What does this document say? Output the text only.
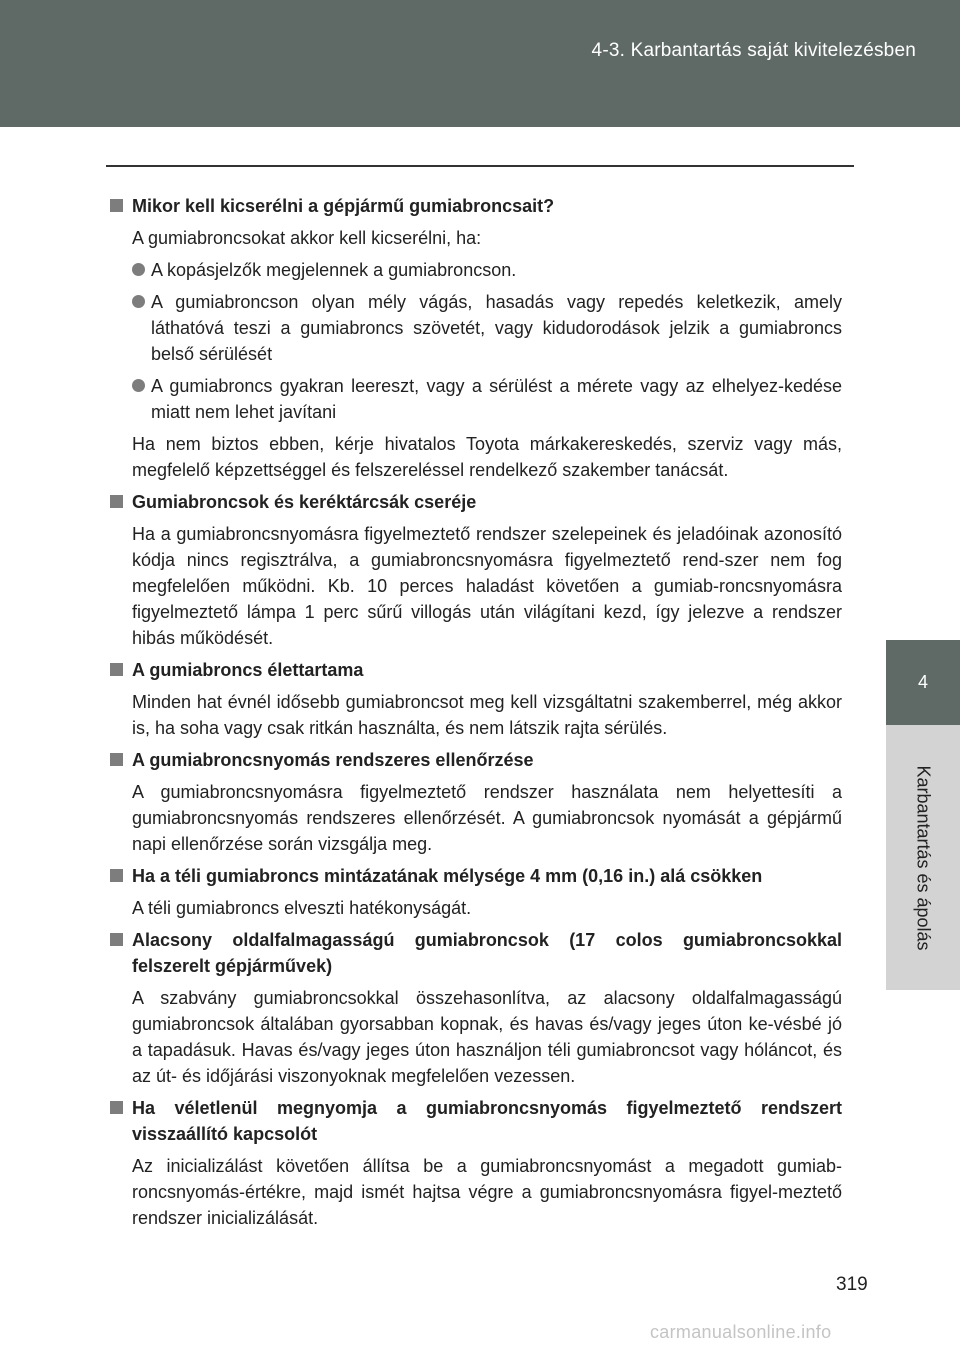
4-3. Karbantartás saját kivitelezésben
4
Karbantartás és ápolás
Mikor kell kicserélni a gépjármű gumiabroncsait?
A gumiabroncsokat akkor kell kicserélni, ha:
A kopásjelzők megjelennek a gumiabroncson.
A gumiabroncson olyan mély vágás, hasadás vagy repedés keletkezik, amely láthatóvá teszi a gumiabroncs szövetét, vagy kidudorodások jelzik a gumiabroncs belső sérülését
A gumiabroncs gyakran leereszt, vagy a sérülést a mérete vagy az elhelyez-kedése miatt nem lehet javítani
Ha nem biztos ebben, kérje hivatalos Toyota márkakereskedés, szerviz vagy más, megfelelő képzettséggel és felszereléssel rendelkező szakember tanácsát.
Gumiabroncsok és keréktárcsák cseréje
Ha a gumiabroncsnyomásra figyelmeztető rendszer szelepeinek és jeladóinak azonosító kódja nincs regisztrálva, a gumiabroncsnyomásra figyelmeztető rend-szer nem fog megfelelően működni. Kb. 10 perces haladást követően a gumiab-roncsnyomásra figyelmeztető lámpa 1 perc sűrű villogás után világítani kezd, így jelezve a rendszer hibás működését.
A gumiabroncs élettartama
Minden hat évnél idősebb gumiabroncsot meg kell vizsgáltatni szakemberrel, még akkor is, ha soha vagy csak ritkán használta, és nem látszik rajta sérülés.
A gumiabroncsnyomás rendszeres ellenőrzése
A gumiabroncsnyomásra figyelmeztető rendszer használata nem helyettesíti a gumiabroncsnyomás rendszeres ellenőrzését. A gumiabroncsok nyomását a gépjármű napi ellenőrzése során vizsgálja meg.
Ha a téli gumiabroncs mintázatának mélysége 4 mm (0,16 in.) alá csökken
A téli gumiabroncs elveszti hatékonyságát.
Alacsony oldalfalmagasságú gumiabroncsok (17 colos gumiabroncsokkal felszerelt gépjárművek)
A szabvány gumiabroncsokkal összehasonlítva, az alacsony oldalfalmagasságú gumiabroncsok általában gyorsabban kopnak, és havas és/vagy jeges úton ke-vésbé jó a tapadásuk. Havas és/vagy jeges úton használjon téli gumiabroncsot vagy hóláncot, és az út- és időjárási viszonyoknak megfelelően vezessen.
Ha véletlenül megnyomja a gumiabroncsnyomás figyelmeztető rendszert visszaállító kapcsolót
Az inicializálást követően állítsa be a gumiabroncsnyomást a megadott gumiab-roncsnyomás-értékre, majd ismét hajtsa végre a gumiabroncsnyomásra figyel-meztető rendszer inicializálását.
319
carmanualsonline.info
